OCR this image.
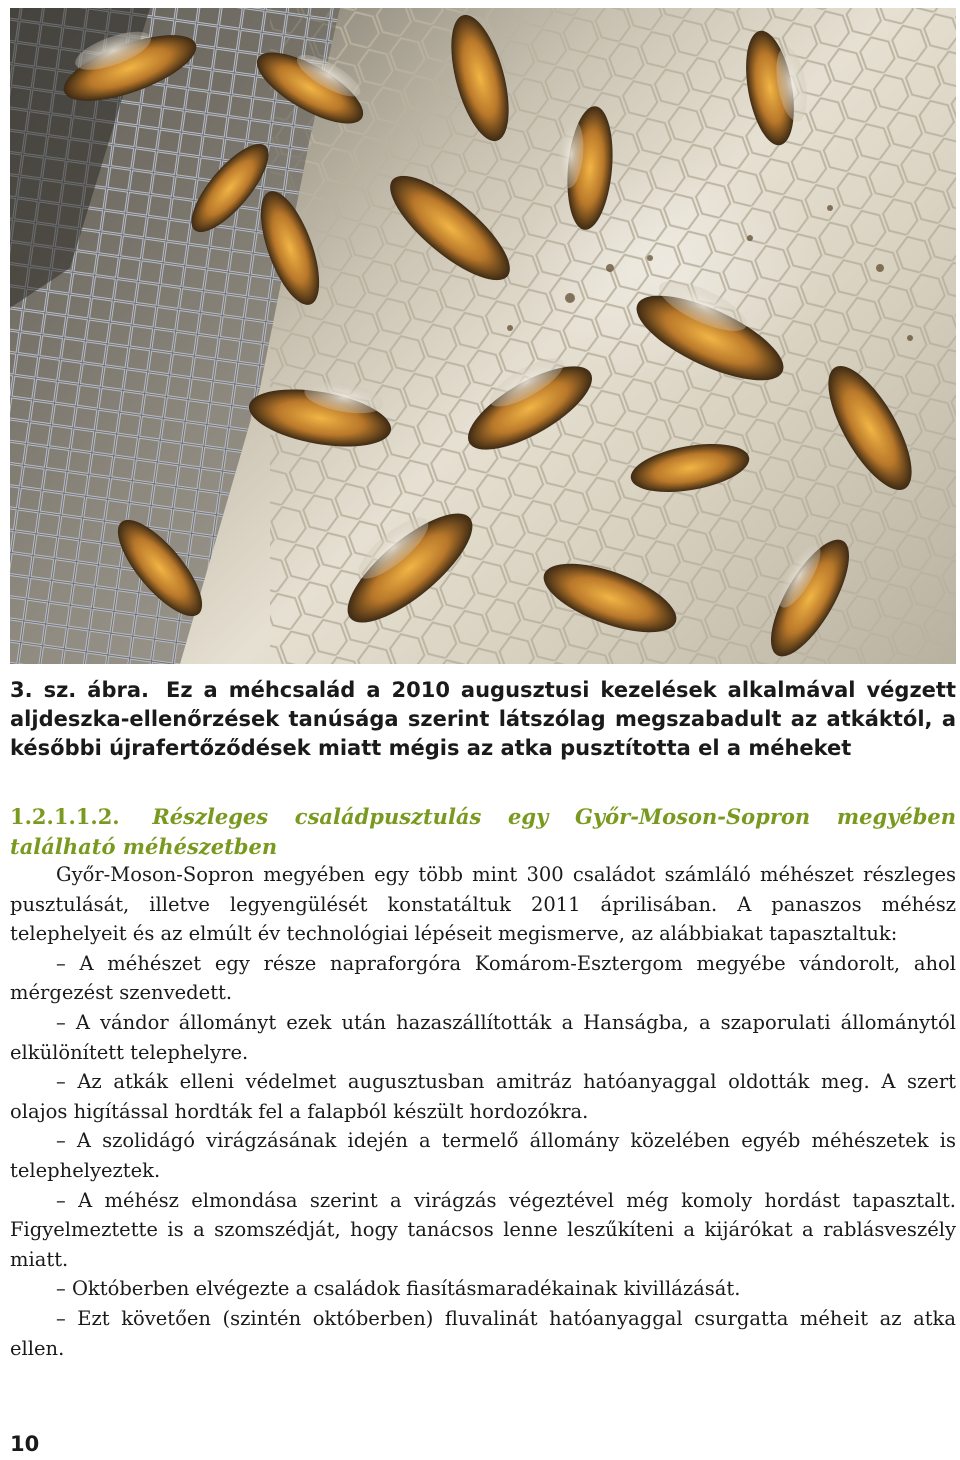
3. sz. ábra. Ez a méhcsalád a 2010 augusztusi kezelések alkalmával végzett aljdeszka-ellenőrzések tanúsága szerint látszólag megszabadult az atkáktól, a későbbi újrafertőződések miatt mégis az atka pusztította el a méheket
1.2.1.1.2. Részleges családpusztulás egy Győr-Moson-Sopron megyében található méhészetben

Győr-Moson-Sopron megyében egy több mint 300 családot számláló méhészet részleges pusztulását, illetve legyengülését konstatáltuk 2011 áprilisában. A panaszos méhész telephelyeit és az elmúlt év technológiai lépéseit megismerve, az alábbiakat tapasztaltuk:

– A méhészet egy része napraforgóra Komárom-Esztergom megyébe vándorolt, ahol mérgezést szenvedett.

– A vándor állományt ezek után hazaszállították a Hanságba, a szaporulati állománytól elkülönített telephelyre.

– Az atkák elleni védelmet augusztusban amitráz hatóanyaggal oldották meg. A szert olajos higítással hordták fel a falapból készült hordozókra.

– A szolidágó virágzásának idején a termelő állomány közelében egyéb méhészetek is telephelyeztek.

– A méhész elmondása szerint a virágzás végeztével még komoly hordást tapasztalt. Figyelmeztette is a szomszédját, hogy tanácsos lenne leszűkíteni a kijárókat a rablásveszély miatt.

– Októberben elvégezte a családok fiasításmaradékainak kivillázását.

– Ezt követően (szintén októberben) fluvalinát hatóanyaggal csurgatta méheit az atka ellen.

10
